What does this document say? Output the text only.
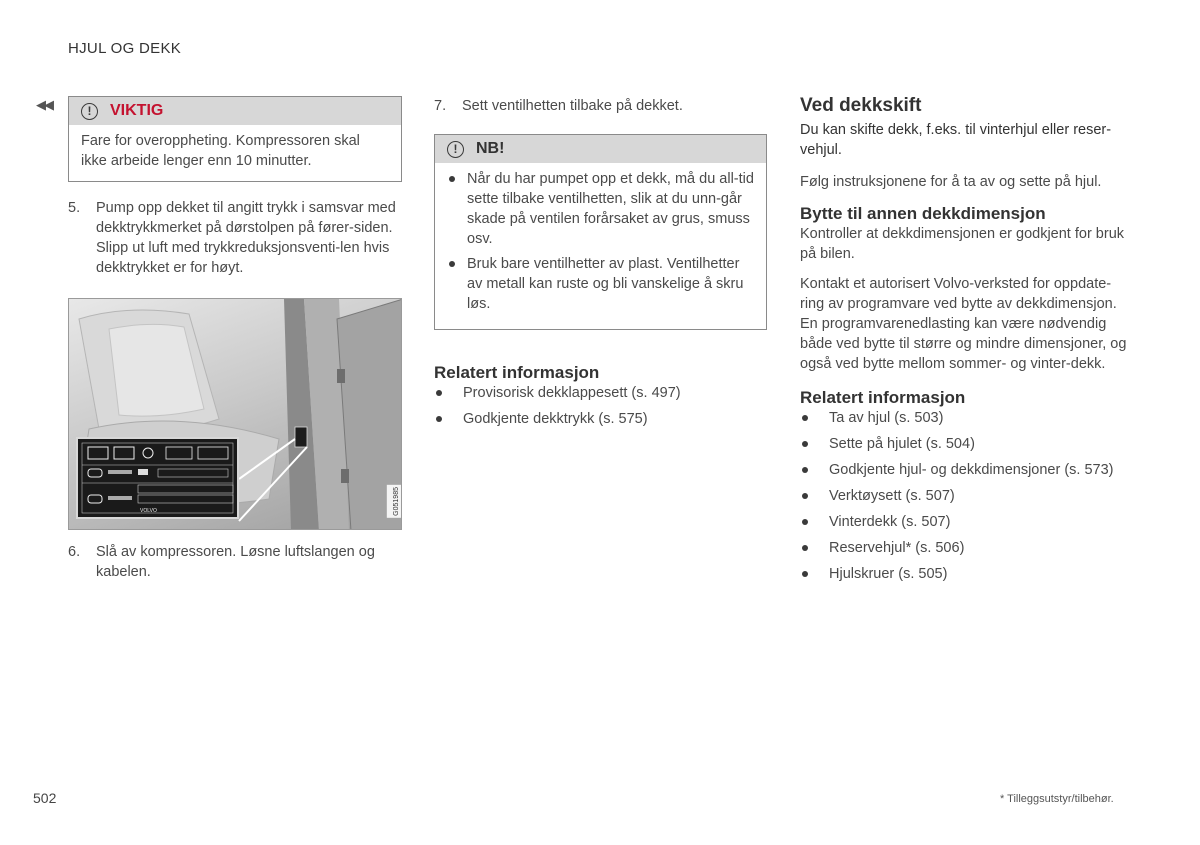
◀◀
HJUL OG DEKK
!	VIKTIG
Fare for overoppheting. Kompressoren skal ikke arbeide lenger enn 10 minutter.
5.	Pump opp dekket til angitt trykk i samsvar med dekktrykkmerket på dørstolpen på fører-siden. Slipp ut luft med trykkreduksjonsventi-len hvis dekktrykket er for høyt.
VOLVO	G051985
6.	Slå av kompressoren. Løsne luftslangen og kabelen.
7.	Sett ventilhetten tilbake på dekket.
!	NB!
Når du har pumpet opp et dekk, må du all-tid sette tilbake ventilhetten, slik at du unn-går skade på ventilen forårsaket av grus, smuss osv.
Bruk bare ventilhetter av plast. Ventilhetter av metall kan ruste og bli vanskelige å skru løs.
Relatert informasjon
Provisorisk dekklappesett (s. 497)
Godkjente dekktrykk (s. 575)
Ved dekkskift
Du kan skifte dekk, f.eks. til vinterhjul eller reser-vehjul.
Følg instruksjonene for å ta av og sette på hjul.
Bytte til annen dekkdimensjon
Kontroller at dekkdimensjonen er godkjent for bruk på bilen.
Kontakt et autorisert Volvo-verksted for oppdate-ring av programvare ved bytte av dekkdimensjon. En programvarenedlasting kan være nødvendig både ved bytte til større og mindre dimensjoner, og også ved bytte mellom sommer- og vinter-dekk.
Relatert informasjon
Ta av hjul (s. 503)
Sette på hjulet (s. 504)
Godkjente hjul- og dekkdimensjoner (s. 573)
Verktøysett (s. 507)
Vinterdekk (s. 507)
Reservehjul* (s. 506)
Hjulskruer (s. 505)
502	* Tilleggsutstyr/tilbehør.
